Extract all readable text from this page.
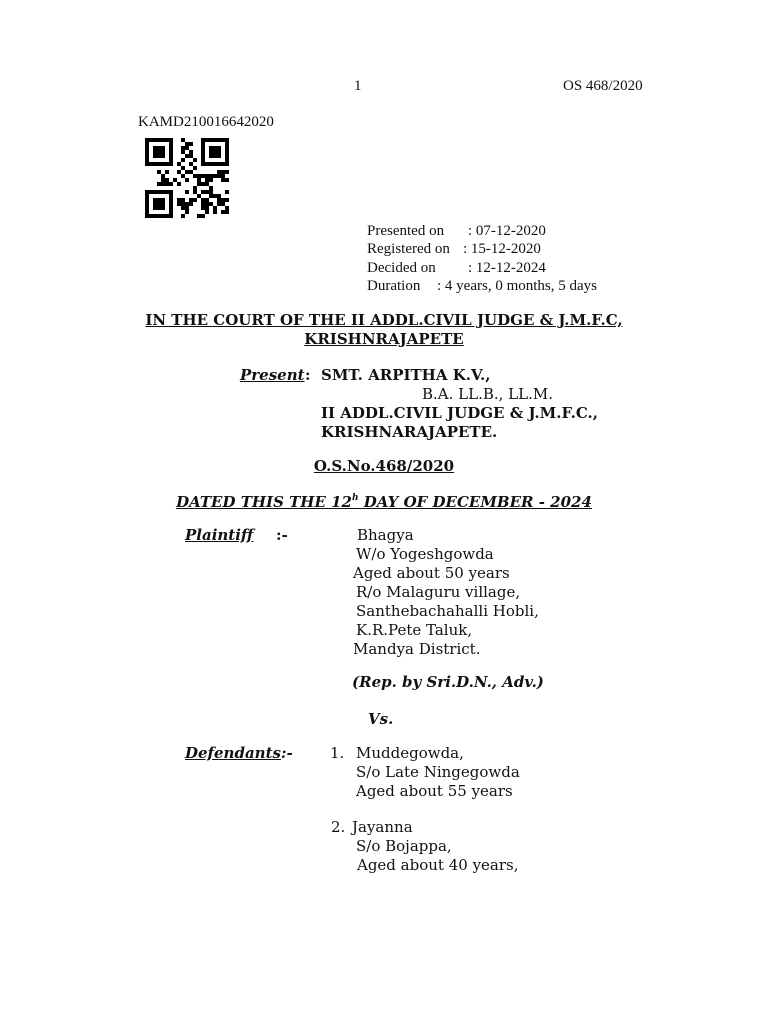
1	OS 468/2020
KAMD210016642020
Presented on : 07-12-2020
Registered on : 15-12-2020
Decided on : 12-12-2024
Duration : 4 years, 0 months, 5 days
IN THE COURT OF THE II ADDL.CIVIL JUDGE & J.M.F.C,
KRISHNRAJAPETE
Present : SMT. ARPITHA K.V.,
B.A. LL.B., LL.M.
II ADDL.CIVIL JUDGE & J.M.F.C.,
KRISHNARAJAPETE.
O.S.No.468/2020
DATED THIS THE 12$^h$ DAY OF DECEMBER - 2024
Plaintiff :-	Bhagya
W/o Yogeshgowda
Aged about 50 years
R/o Malaguru village,
Santhebachahalli Hobli,
K.R.Pete Taluk,
Mandya District.
(Rep. by Sri.D.N., Adv.)
Vs.
Defendants:- 1. Muddegowda,
S/o Late Ningegowda
Aged about 55 years
2. Jayanna
S/o Bojappa,
Aged about 40 years,
